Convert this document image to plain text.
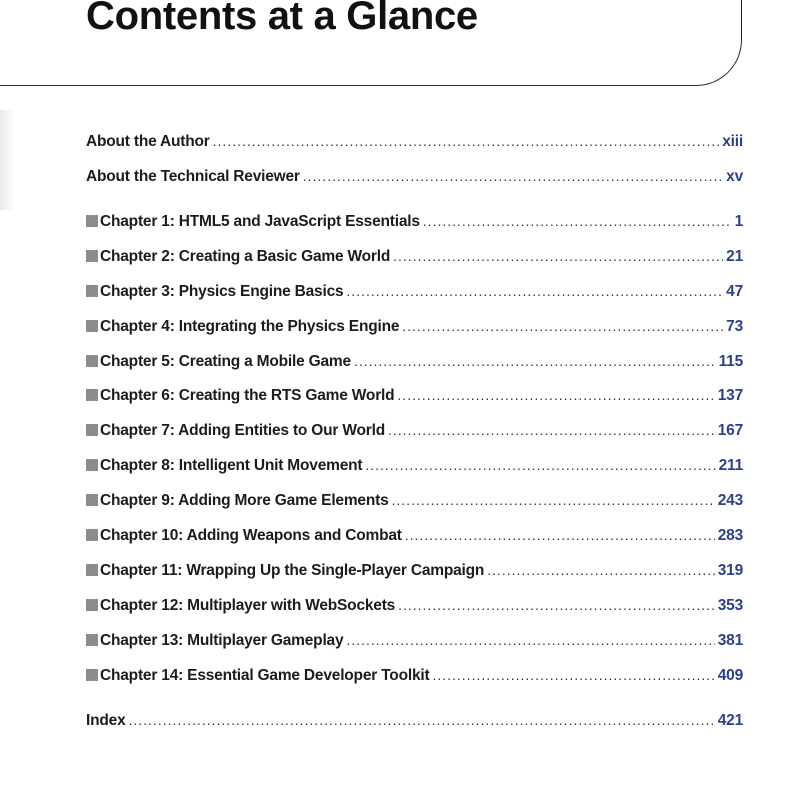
Contents at a Glance
About the Author .....	xiii
About the Technical Reviewer .....	xv
Chapter 1: HTML5 and JavaScript Essentials .....	1
Chapter 2: Creating a Basic Game World .....	21
Chapter 3: Physics Engine Basics .....	47
Chapter 4: Integrating the Physics Engine .....	73
Chapter 5: Creating a Mobile Game .....	115
Chapter 6: Creating the RTS Game World .....	137
Chapter 7: Adding Entities to Our World .....	167
Chapter 8: Intelligent Unit Movement .....	211
Chapter 9: Adding More Game Elements .....	243
Chapter 10: Adding Weapons and Combat .....	283
Chapter 11: Wrapping Up the Single-Player Campaign .....	319
Chapter 12: Multiplayer with WebSockets .....	353
Chapter 13: Multiplayer Gameplay .....	381
Chapter 14: Essential Game Developer Toolkit .....	409
Index .....	421
